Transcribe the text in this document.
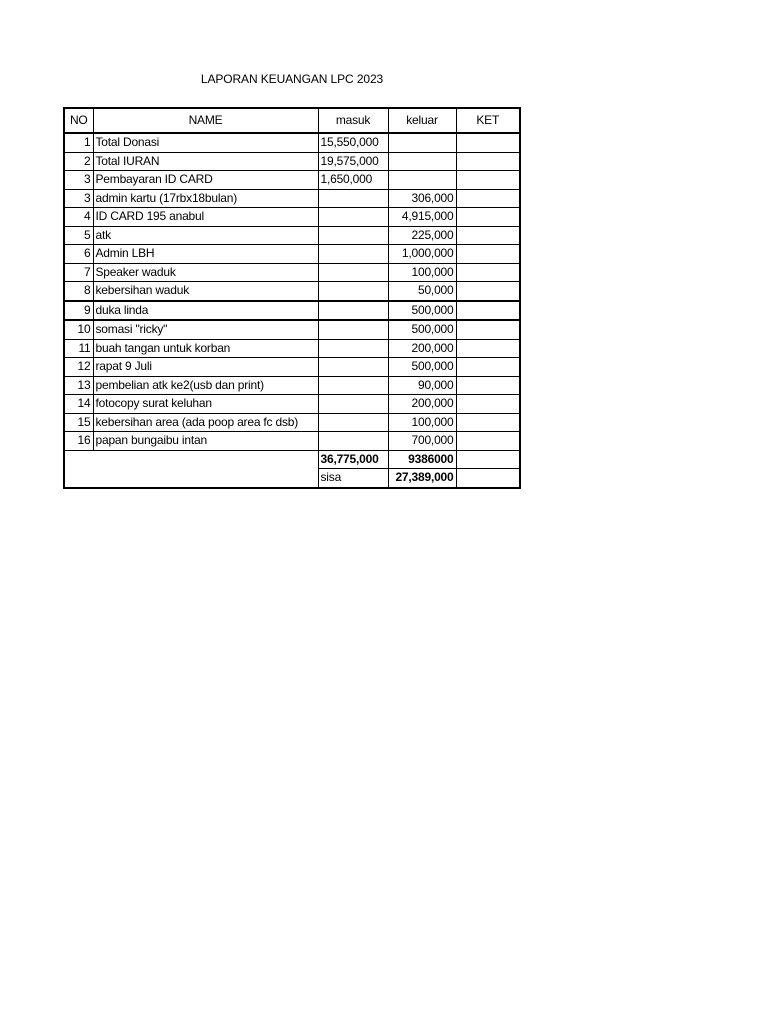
LAPORAN KEUANGAN LPC 2023
NO	NAME	masuk	keluar	KET
1	Total Donasi	15,550,000		
2	Total IURAN	19,575,000		
3	Pembayaran ID CARD	1,650,000		
3	admin kartu (17rbx18bulan)		306,000	
4	ID CARD 195 anabul		4,915,000	
5	atk		225,000	
6	Admin LBH		1,000,000	
7	Speaker waduk		100,000	
8	kebersihan waduk		50,000	
9	duka linda		500,000	
10	somasi "ricky"		500,000	
11	buah tangan untuk korban		200,000	
12	rapat 9 Juli		500,000	
13	pembelian atk ke2(usb dan print)		90,000	
14	fotocopy surat keluhan		200,000	
15	kebersihan area (ada poop area fc dsb)		100,000	
16	papan bungaibu intan		700,000	
		36,775,000	9386000	
		sisa	27,389,000	
